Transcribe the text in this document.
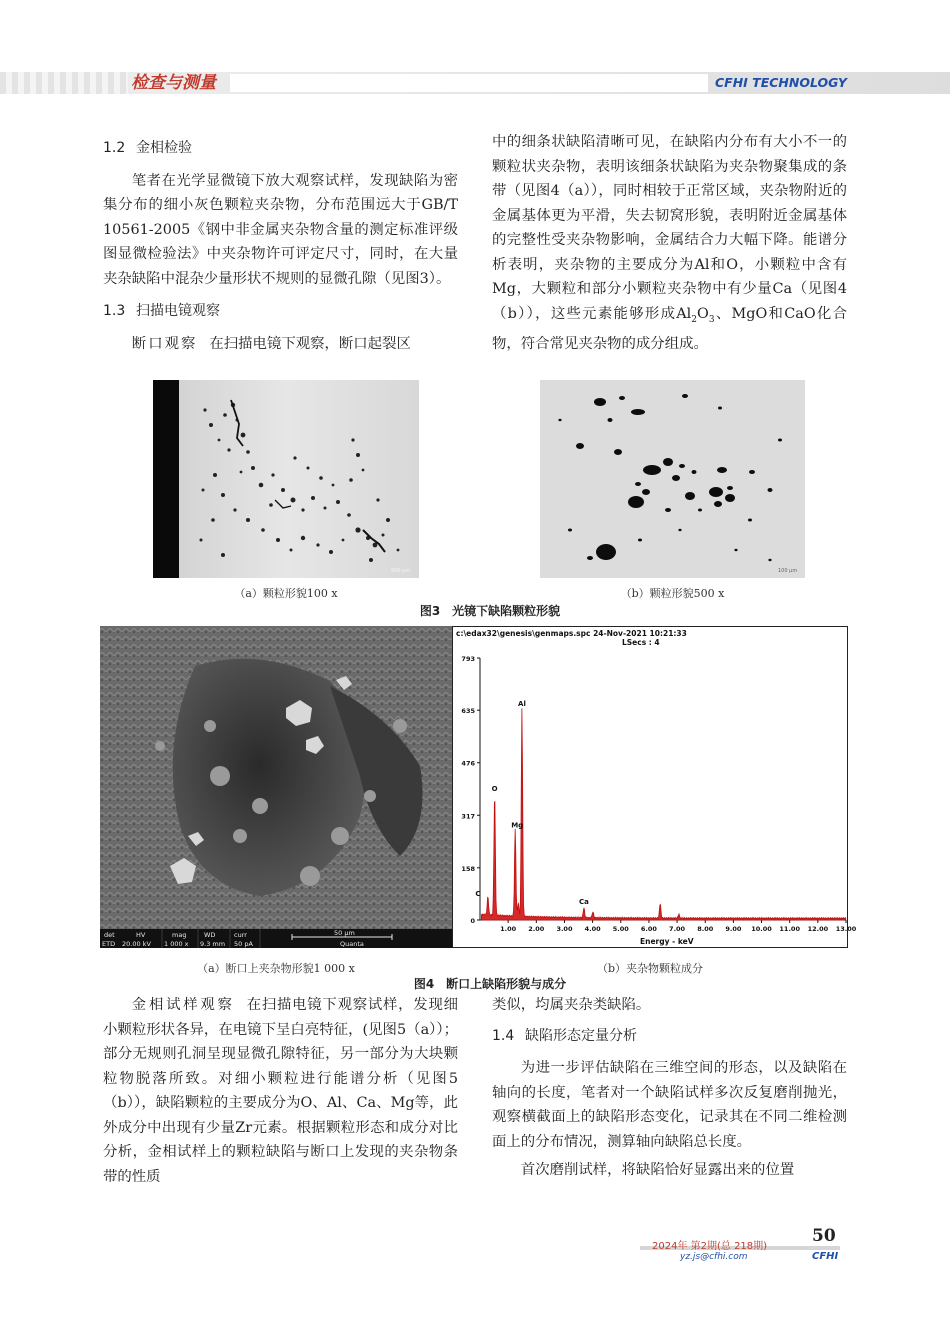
检查与测量	CFHI TECHNOLOGY
1.2 金相检验

笔者在光学显微镜下放大观察试样，发现缺陷为密集分布的细小灰色颗粒夹杂物，分布范围远大于GB/T 10561-2005《钢中非金属夹杂物含量的测定标准评级图显微检验法》中夹杂物许可评定尺寸，同时，在大量夹杂缺陷中混杂少量形状不规则的显微孔隙（见图3）。

1.3 扫描电镜观察

断口观察 在扫描电镜下观察，断口起裂区

中的细条状缺陷清晰可见，在缺陷内分布有大小不一的颗粒状夹杂物，表明该细条状缺陷为夹杂物聚集成的条带（见图4（a）），同时相较于正常区域，夹杂物附近的金属基体更为平滑，失去韧窝形貌，表明附近金属基体的完整性受夹杂物影响，金属结合力大幅下降。能谱分析表明，夹杂物的主要成分为Al和O，小颗粒中含有Mg，大颗粒和部分小颗粒夹杂物中有少量Ca（见图4（b）），这些元素能够形成$Al_2O_3$、MgO和CaO化合物，符合常见夹杂物的成分组成。

500 μm
（a）颗粒形貌100 x
100 μm
（b）颗粒形貌500 x
图3　光镜下缺陷颗粒形貌
det	HV	mag	WD	curr
ETD 20.00 kV 1 000 x 9.3 mm 50 pA
50 μm
Quanta
（a）断口上夹杂物形貌1 000 x
c:\edax32\genesis\genmaps.spc 24-Nov-2021 10:21:33
LSecs : 4
0
158
317
476
635
793
1.00 2.00 3.00 4.00 5.00 6.00 7.00 8.00 9.00 10.00 11.00 12.00 13.00
C
O
Mg
Al
Ca
Energy - keV
（b）夹杂物颗粒成分
图4　断口上缺陷形貌与成分

金相试样观察 在扫描电镜下观察试样，发现细小颗粒形状各异，在电镜下呈白亮特征，(见图5（a））；部分无规则孔洞呈现显微孔隙特征，另一部分为大块颗粒物脱落所致。对细小颗粒进行能谱分析（见图5（b）），缺陷颗粒的主要成分为O、Al、Ca、Mg等，此外成分中出现有少量Zr元素。根据颗粒形态和成分对比分析，金相试样上的颗粒缺陷与断口上发现的夹杂物条带的性质

类似，均属夹杂类缺陷。

1.4 缺陷形态定量分析

为进一步评估缺陷在三维空间的形态，以及缺陷在轴向的长度，笔者对一个缺陷试样多次反复磨削抛光，观察横截面上的缺陷形态变化，记录其在不同二维检测面上的分布情况，测算轴向缺陷总长度。

首次磨削试样，将缺陷恰好显露出来的位置

50
2024年 第2期(总 218期)
yz.js@cfhi.com	CFHI
